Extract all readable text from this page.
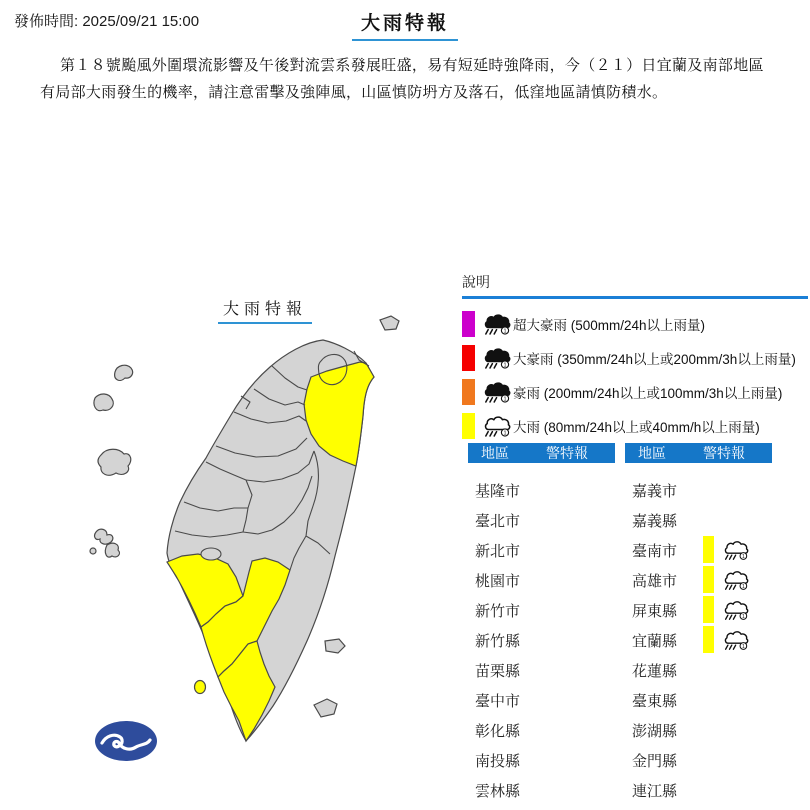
發佈時間: 2025/09/21 15:00	大雨特報

第１８號颱風外圍環流影響及午後對流雲系發展旺盛，易有短延時強降雨，今（２１）日宜蘭及南部地區有局部大雨發生的機率，請注意雷擊及強陣風，山區慎防坍方及落石，低窪地區請慎防積水。

大雨特報
說明
1 超大豪雨 (500mm/24h以上雨量)
1 大豪雨 (350mm/24h以上或200mm/3h以上雨量)
1 豪雨 (200mm/24h以上或100mm/3h以上雨量)
1 大雨 (80mm/24h以上或40mm/h以上雨量)
地區	警特報
基隆市
臺北市
新北市
桃園市
新竹市
新竹縣
苗栗縣
臺中市
彰化縣
南投縣
雲林縣
地區	警特報
嘉義市
嘉義縣
臺南市	1
高雄市	1
屏東縣	1
宜蘭縣	1
花蓮縣
臺東縣
澎湖縣
金門縣
連江縣
